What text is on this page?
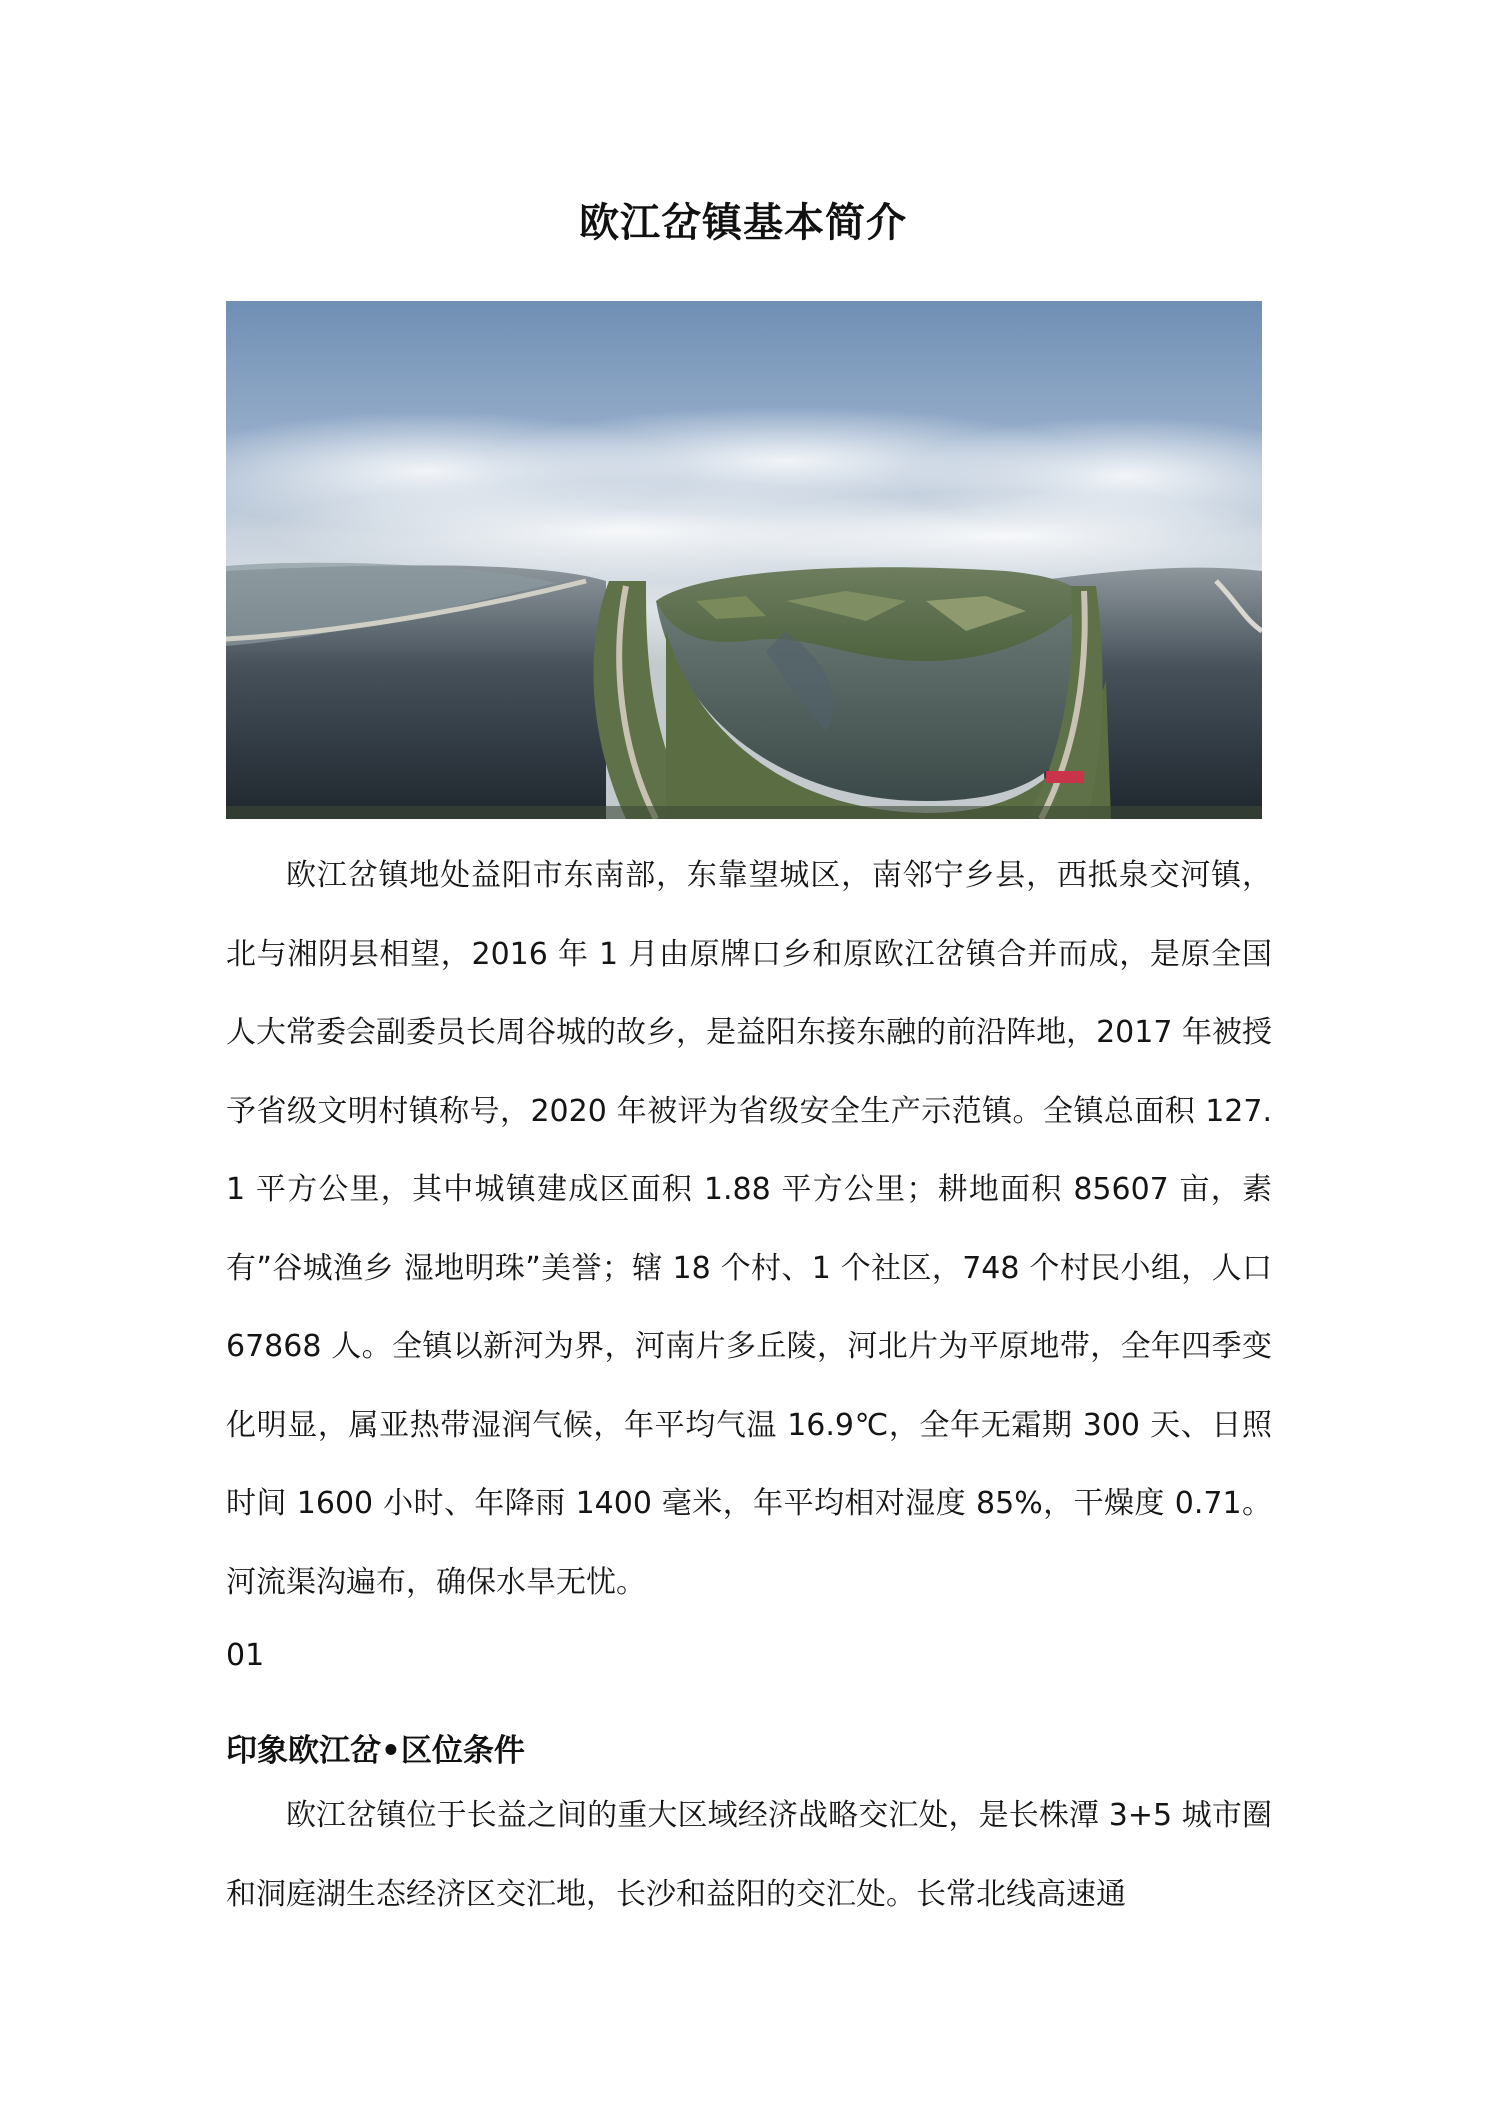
欧江岔镇基本简介
欧江岔镇地处益阳市东南部，东靠望城区，南邻宁乡县，西抵泉交河镇，北与湘阴县相望，2016 年 1 月由原牌口乡和原欧江岔镇合并而成，是原全国人大常委会副委员长周谷城的故乡，是益阳东接东融的前沿阵地，2017 年被授予省级文明村镇称号，2020 年被评为省级安全生产示范镇。全镇总面积 127.1 平方公里，其中城镇建成区面积 1.88 平方公里；耕地面积 85607 亩，素有”谷城渔乡 湿地明珠”美誉；辖 18 个村、1 个社区，748 个村民小组，人口 67868 人。全镇以新河为界，河南片多丘陵，河北片为平原地带，全年四季变化明显，属亚热带湿润气候，年平均气温 16.9℃，全年无霜期 300 天、日照时间 1600 小时、年降雨 1400 毫米，年平均相对湿度 85%，干燥度 0.71。河流渠沟遍布，确保水旱无忧。
01
印象欧江岔•区位条件
欧江岔镇位于长益之间的重大区域经济战略交汇处，是长株潭 3+5 城市圈和洞庭湖生态经济区交汇地，长沙和益阳的交汇处。长常北线高速通
